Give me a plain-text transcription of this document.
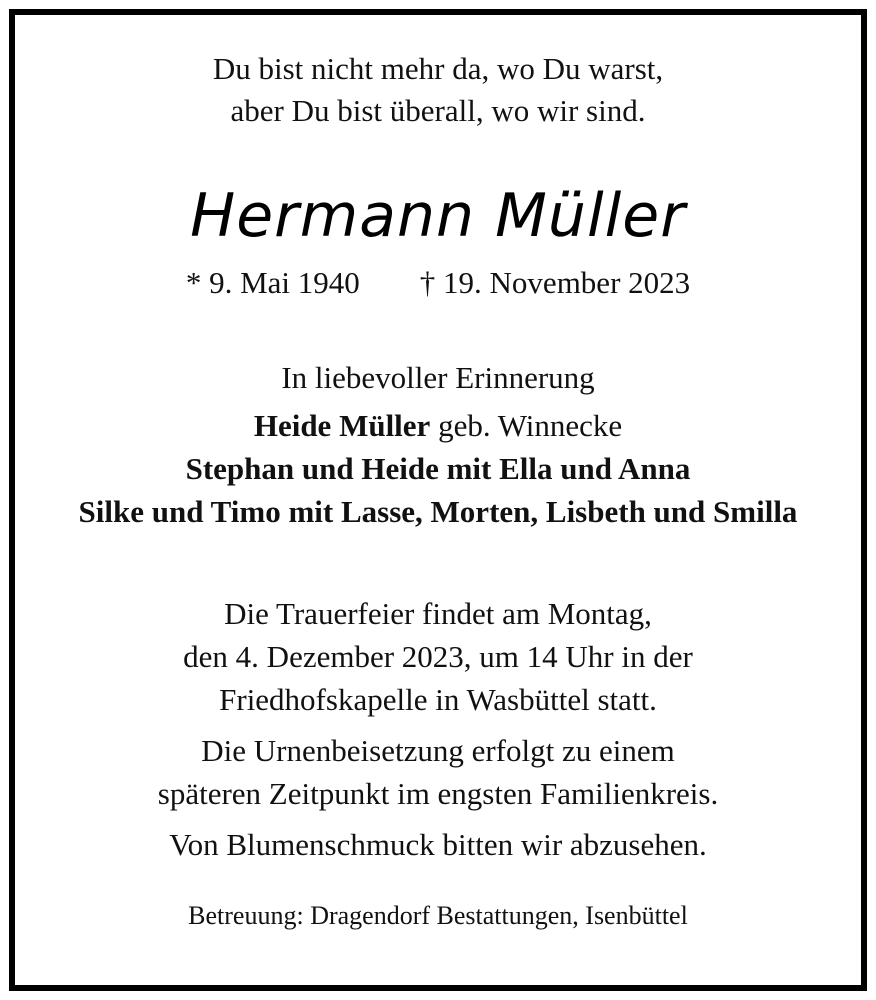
Du bist nicht mehr da, wo Du warst,
aber Du bist überall, wo wir sind.
Hermann Müller
* 9. Mai 1940 † 19. November 2023
In liebevoller Erinnerung
Heide Müller geb. Winnecke
Stephan und Heide mit Ella und Anna
Silke und Timo mit Lasse, Morten, Lisbeth und Smilla
Die Trauerfeier findet am Montag,
den 4. Dezember 2023, um 14 Uhr in der
Friedhofskapelle in Wasbüttel statt.
Die Urnenbeisetzung erfolgt zu einem
späteren Zeitpunkt im engsten Familienkreis.
Von Blumenschmuck bitten wir abzusehen.
Betreuung: Dragendorf Bestattungen, Isenbüttel
